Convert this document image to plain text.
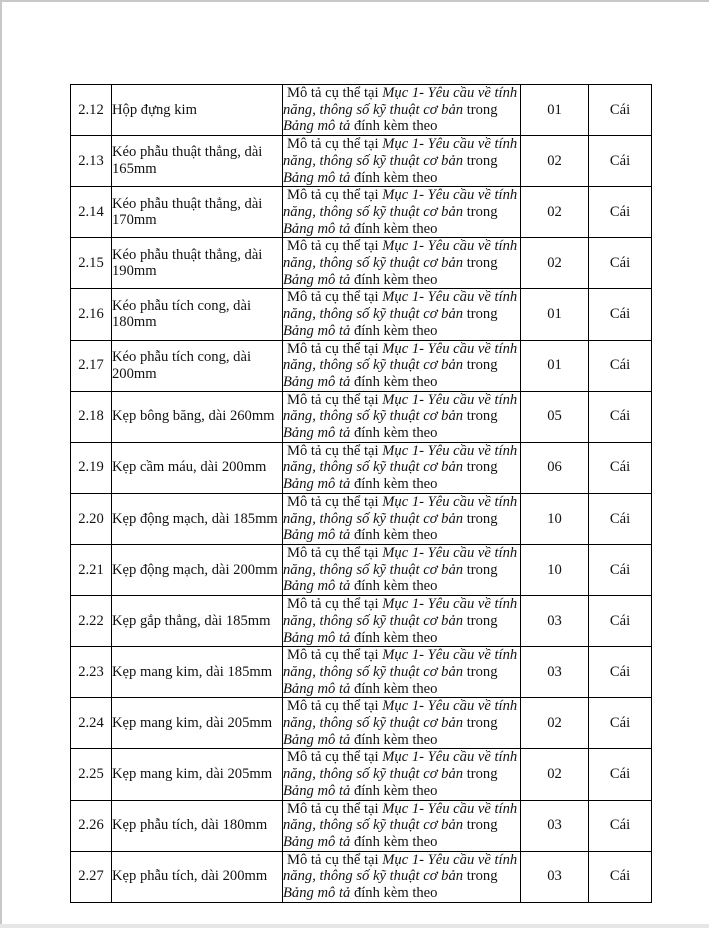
2.12	Hộp đựng kim	Mô tả cụ thể tại Mục 1- Yêu cầu về tính
năng, thông số kỹ thuật cơ bản trong
Bảng mô tả đính kèm theo	01	Cái
2.13	Kéo phẫu thuật thẳng, dài 165mm	Mô tả cụ thể tại Mục 1- Yêu cầu về tính
năng, thông số kỹ thuật cơ bản trong
Bảng mô tả đính kèm theo	02	Cái
2.14	Kéo phẫu thuật thẳng, dài 170mm	Mô tả cụ thể tại Mục 1- Yêu cầu về tính
năng, thông số kỹ thuật cơ bản trong
Bảng mô tả đính kèm theo	02	Cái
2.15	Kéo phẫu thuật thẳng, dài 190mm	Mô tả cụ thể tại Mục 1- Yêu cầu về tính
năng, thông số kỹ thuật cơ bản trong
Bảng mô tả đính kèm theo	02	Cái
2.16	Kéo phẫu tích cong, dài 180mm	Mô tả cụ thể tại Mục 1- Yêu cầu về tính
năng, thông số kỹ thuật cơ bản trong
Bảng mô tả đính kèm theo	01	Cái
2.17	Kéo phẫu tích cong, dài 200mm	Mô tả cụ thể tại Mục 1- Yêu cầu về tính
năng, thông số kỹ thuật cơ bản trong
Bảng mô tả đính kèm theo	01	Cái
2.18	Kẹp bông băng, dài 260mm	Mô tả cụ thể tại Mục 1- Yêu cầu về tính
năng, thông số kỹ thuật cơ bản trong
Bảng mô tả đính kèm theo	05	Cái
2.19	Kẹp cầm máu, dài 200mm	Mô tả cụ thể tại Mục 1- Yêu cầu về tính
năng, thông số kỹ thuật cơ bản trong
Bảng mô tả đính kèm theo	06	Cái
2.20	Kẹp động mạch, dài 185mm	Mô tả cụ thể tại Mục 1- Yêu cầu về tính
năng, thông số kỹ thuật cơ bản trong
Bảng mô tả đính kèm theo	10	Cái
2.21	Kẹp động mạch, dài 200mm	Mô tả cụ thể tại Mục 1- Yêu cầu về tính
năng, thông số kỹ thuật cơ bản trong
Bảng mô tả đính kèm theo	10	Cái
2.22	Kẹp gắp thẳng, dài 185mm	Mô tả cụ thể tại Mục 1- Yêu cầu về tính
năng, thông số kỹ thuật cơ bản trong
Bảng mô tả đính kèm theo	03	Cái
2.23	Kẹp mang kim, dài 185mm	Mô tả cụ thể tại Mục 1- Yêu cầu về tính
năng, thông số kỹ thuật cơ bản trong
Bảng mô tả đính kèm theo	03	Cái
2.24	Kẹp mang kim, dài 205mm	Mô tả cụ thể tại Mục 1- Yêu cầu về tính
năng, thông số kỹ thuật cơ bản trong
Bảng mô tả đính kèm theo	02	Cái
2.25	Kẹp mang kim, dài 205mm	Mô tả cụ thể tại Mục 1- Yêu cầu về tính
năng, thông số kỹ thuật cơ bản trong
Bảng mô tả đính kèm theo	02	Cái
2.26	Kẹp phẫu tích, dài 180mm	Mô tả cụ thể tại Mục 1- Yêu cầu về tính
năng, thông số kỹ thuật cơ bản trong
Bảng mô tả đính kèm theo	03	Cái
2.27	Kẹp phẫu tích, dài 200mm	Mô tả cụ thể tại Mục 1- Yêu cầu về tính
năng, thông số kỹ thuật cơ bản trong
Bảng mô tả đính kèm theo	03	Cái
